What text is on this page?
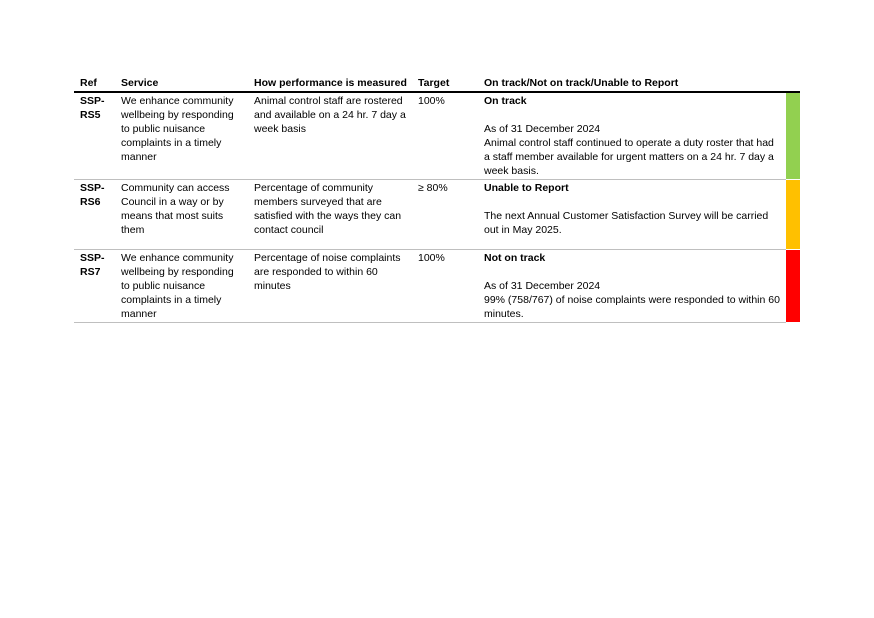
Ref	Service	How performance is measured	Target	On track/Not on track/Unable to Report	
SSP-RS5	We enhance community wellbeing by responding to public nuisance complaints in a timely manner	Animal control staff are rostered and available on a 24 hr. 7 day a week basis	100%	On track
As of 31 December 2024
Animal control staff continued to operate a duty roster that had a staff member available for urgent matters on a 24 hr. 7 day a week basis.	

SSP-RS6	Community can access Council in a way or by means that most suits them	Percentage of community members surveyed that are satisfied with the ways they can contact council	≥ 80%	Unable to Report
The next Annual Customer Satisfaction Survey will be carried out in May 2025.	

SSP-RS7	We enhance community wellbeing by responding to public nuisance complaints in a timely manner	Percentage of noise complaints are responded to within 60 minutes	100%	Not on track
As of 31 December 2024
99% (758/767) of noise complaints were responded to within 60 minutes.	
